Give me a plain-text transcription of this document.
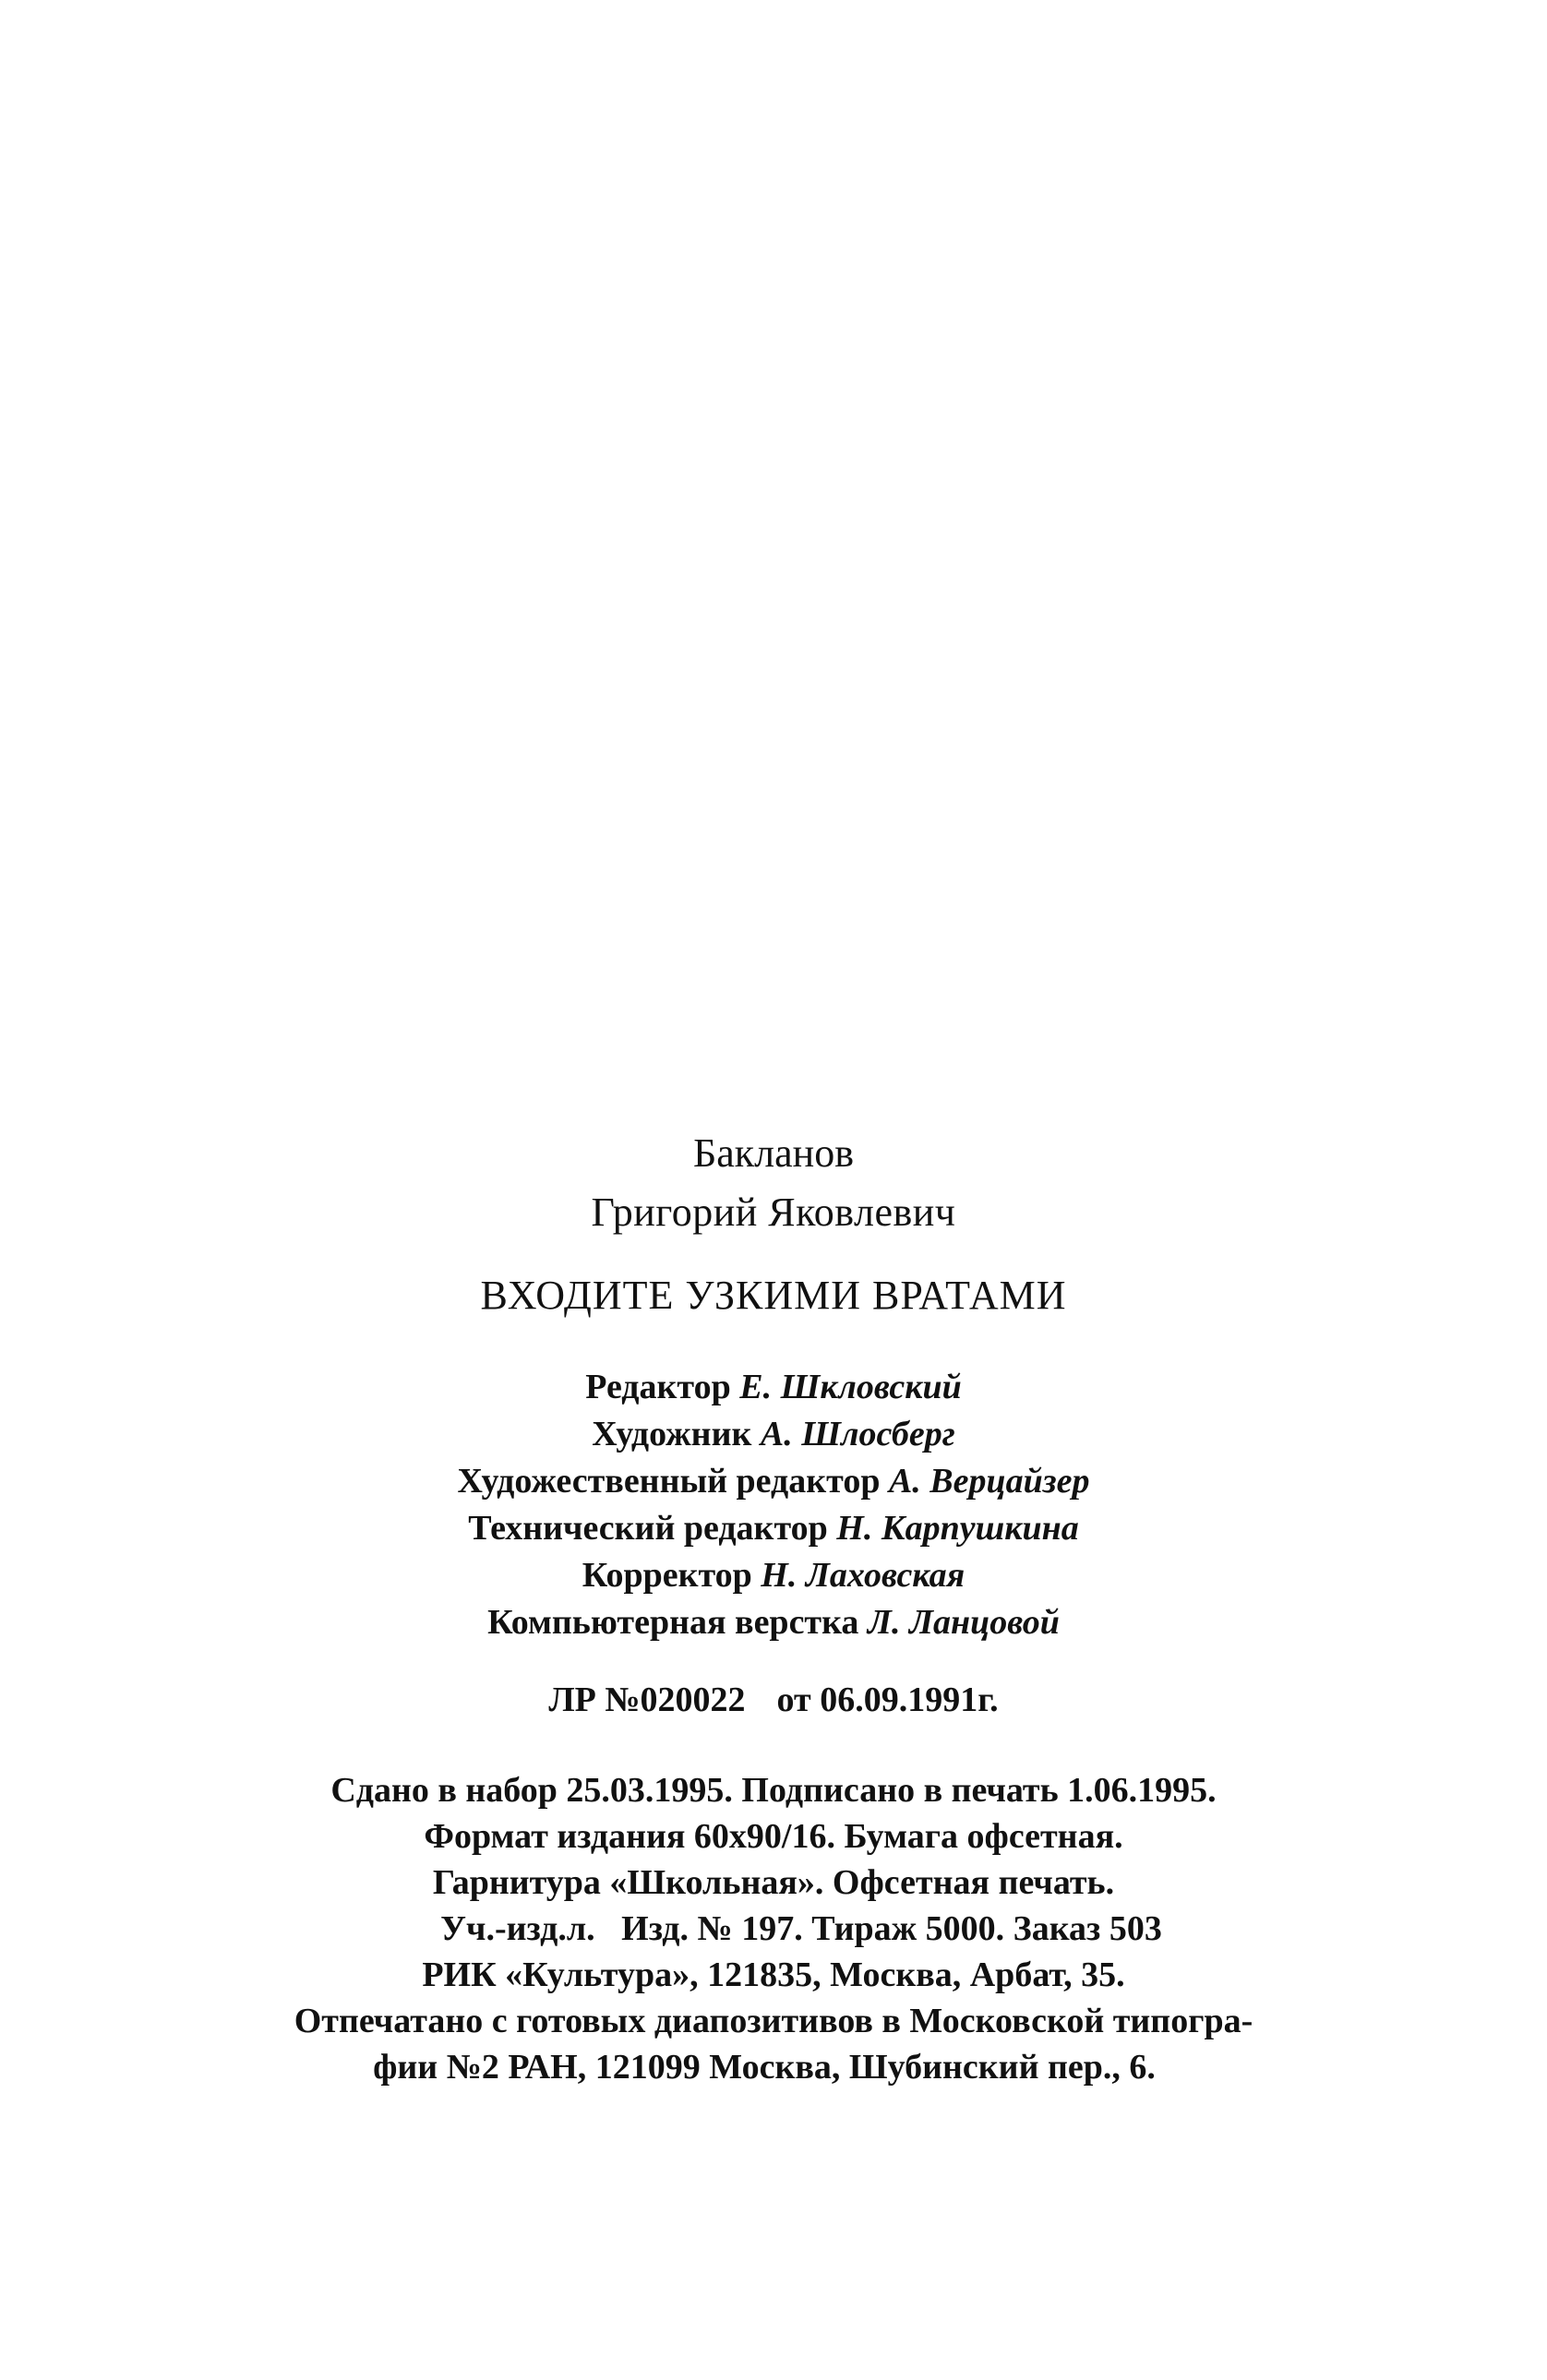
Бакланов
Григорий Яковлевич
ВХОДИТЕ УЗКИМИ ВРАТАМИ
Редактор Е. Шкловский
Художник А. Шлосберг
Художественный редактор А. Верцайзер
Технический редактор Н. Карпушкина
Корректор Н. Лаховская
Компьютерная верстка Л. Ланцовой
ЛР №020022 от 06.09.1991г.
Сдано в набор 25.03.1995. Подписано в печать 1.06.1995.
Формат издания 60x90/16. Бумага офсетная.
Гарнитура «Школьная». Офсетная печать.
Уч.-изд.л.   Изд. № 197. Тираж 5000. Заказ 503
РИК «Культура», 121835, Москва, Арбат, 35.
Отпечатано с готовых диапозитивов в Московской типогра-
фии №2 РАН, 121099 Москва, Шубинский пер., 6.
